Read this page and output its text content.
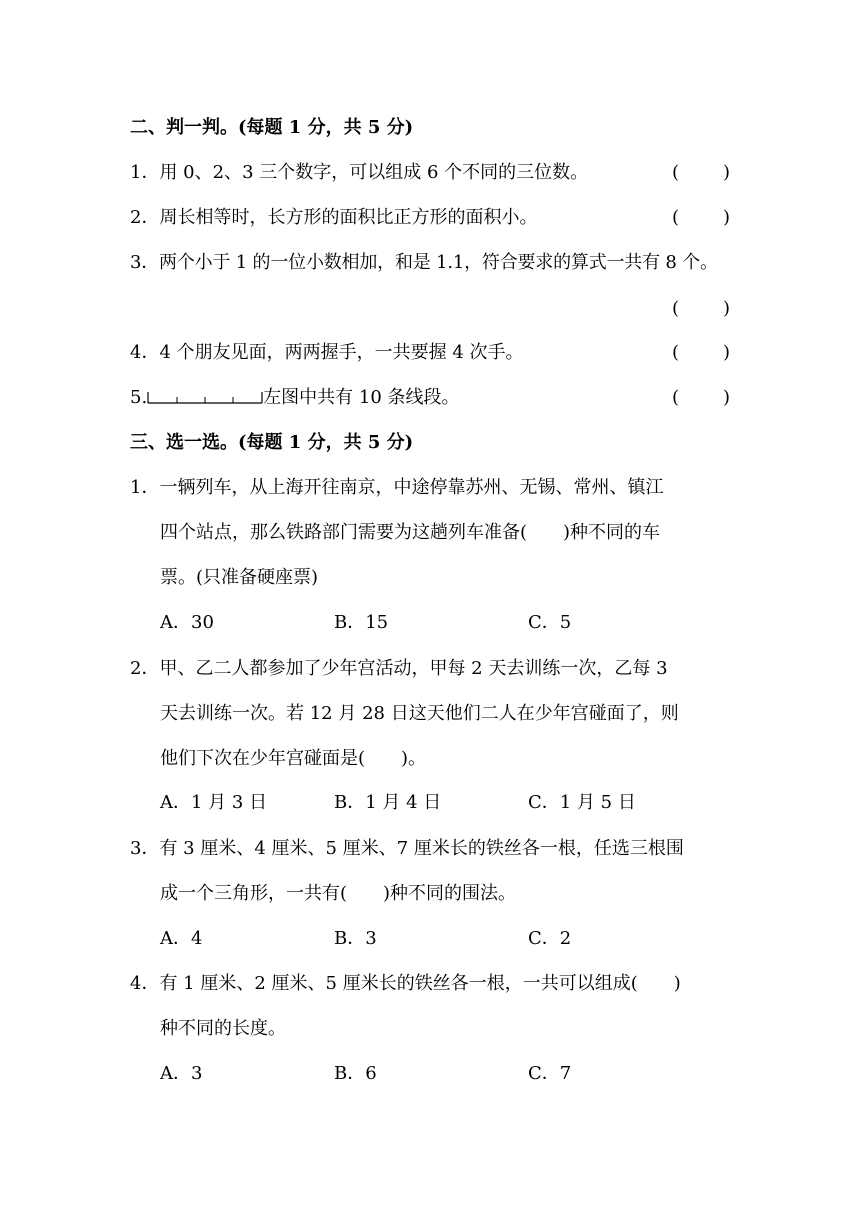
二、判一判。(每题 1 分，共 5 分)
1．用 0、2、3 三个数字，可以组成 6 个不同的三位数。	( )
2．周长相等时，长方形的面积比正方形的面积小。	( )
3．两个小于 1 的一位小数相加，和是 1.1，符合要求的算式一共有 8 个。
( )
4．4 个朋友见面，两两握手，一共要握 4 次手。	( )
5.	左图中共有 10 条线段。	( )
三、选一选。(每题 1 分，共 5 分)
1．一辆列车，从上海开往南京，中途停靠苏州、无锡、常州、镇江
四个站点，那么铁路部门需要为这趟列车准备(　　)种不同的车
票。(只准备硬座票)
A．30	B．15	C．5
2．甲、乙二人都参加了少年宫活动，甲每 2 天去训练一次，乙每 3
天去训练一次。若 12 月 28 日这天他们二人在少年宫碰面了，则
他们下次在少年宫碰面是(　　)。
A．1 月 3 日	B．1 月 4 日	C．1 月 5 日
3．有 3 厘米、4 厘米、5 厘米、7 厘米长的铁丝各一根，任选三根围
成一个三角形，一共有(　　)种不同的围法。
A．4	B．3	C．2
4．有 1 厘米、2 厘米、5 厘米长的铁丝各一根，一共可以组成(　　)
种不同的长度。
A．3	B．6	C．7
